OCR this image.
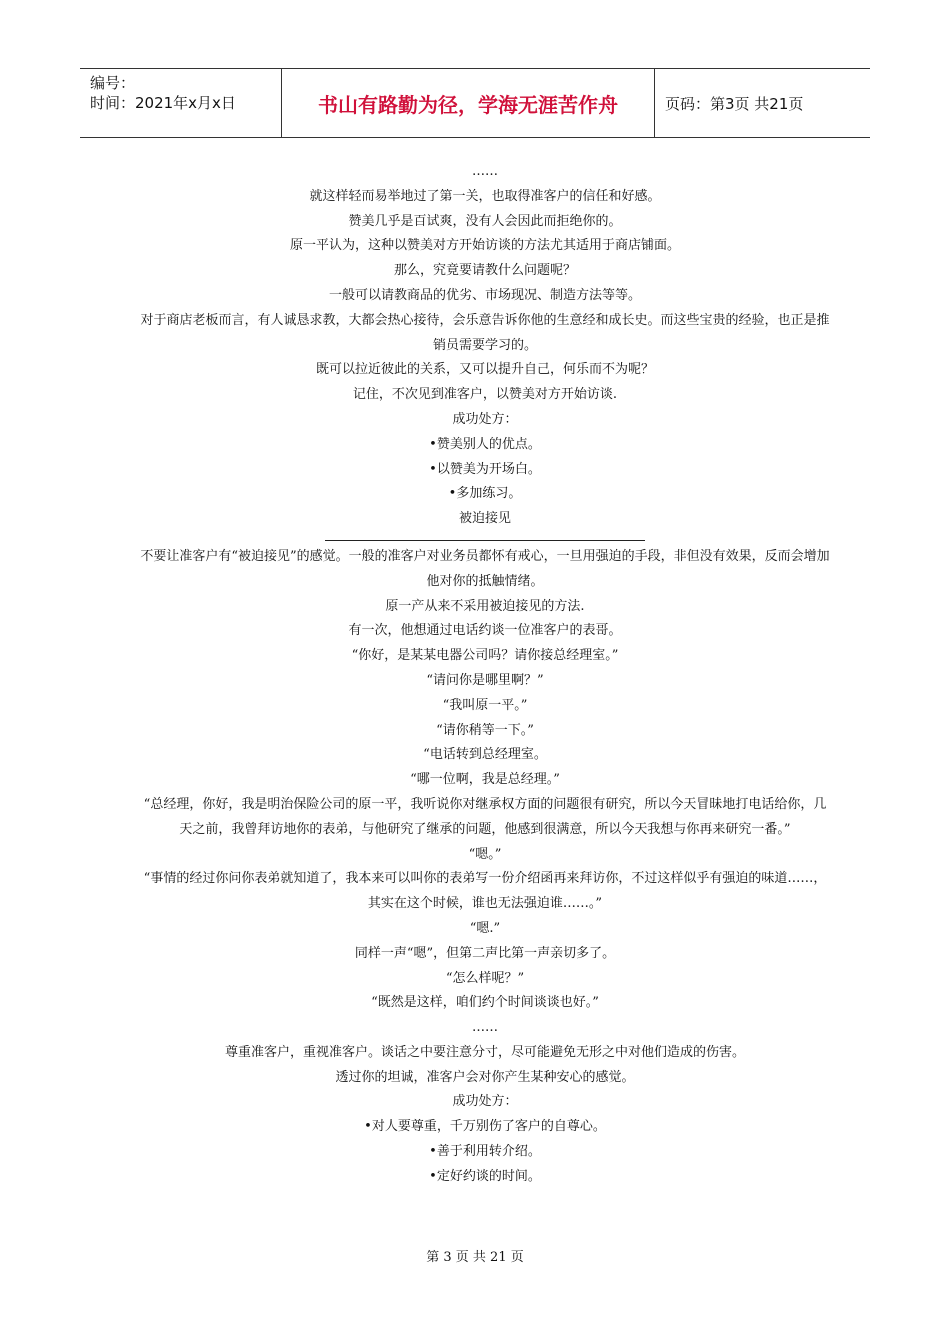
编号：
时间：2021年x月x日	书山有路勤为径，学海无涯苦作舟	页码：第3页 共21页
……
就这样轻而易举地过了第一关，也取得准客户的信任和好感。
赞美几乎是百试爽，没有人会因此而拒绝你的。
原一平认为，这种以赞美对方开始访谈的方法尤其适用于商店铺面。
那么，究竟要请教什么问题呢？
一般可以请教商品的优劣、市场现况、制造方法等等。
对于商店老板而言，有人诚恳求教，大都会热心接待，会乐意告诉你他的生意经和成长史。而这些宝贵的经验，也正是推销员需要学习的。
既可以拉近彼此的关系，又可以提升自己，何乐而不为呢？
记住，不次见到准客户，以赞美对方开始访谈.
成功处方：
•赞美别人的优点。
•以赞美为开场白。
•多加练习。
被迫接见
不要让准客户有“被迫接见”的感觉。一般的准客户对业务员都怀有戒心，一旦用强迫的手段，非但没有效果，反而会增加他对你的抵触情绪。
原一产从来不采用被迫接见的方法.
有一次，他想通过电话约谈一位准客户的表哥。
“你好，是某某电器公司吗？请你接总经理室。”
“请问你是哪里啊？”
“我叫原一平。”
“请你稍等一下。”
“电话转到总经理室。
“哪一位啊，我是总经理。”
“总经理，你好，我是明治保险公司的原一平，我听说你对继承权方面的问题很有研究，所以今天冒昧地打电话给你，几天之前，我曾拜访地你的表弟，与他研究了继承的问题，他感到很满意，所以今天我想与你再来研究一番。”
“嗯。”
“事情的经过你问你表弟就知道了，我本来可以叫你的表弟写一份介绍函再来拜访你，不过这样似乎有强迫的味道……，其实在这个时候，谁也无法强迫谁……。”
“嗯.”
同样一声“嗯”，但第二声比第一声亲切多了。
“怎么样呢？”
“既然是这样，咱们约个时间谈谈也好。”
……
尊重准客户，重视准客户。谈话之中要注意分寸，尽可能避免无形之中对他们造成的伤害。
透过你的坦诚，准客户会对你产生某种安心的感觉。
成功处方：
•对人要尊重，千万别伤了客户的自尊心。
•善于利用转介绍。
•定好约谈的时间。
第 3 页 共 21 页
